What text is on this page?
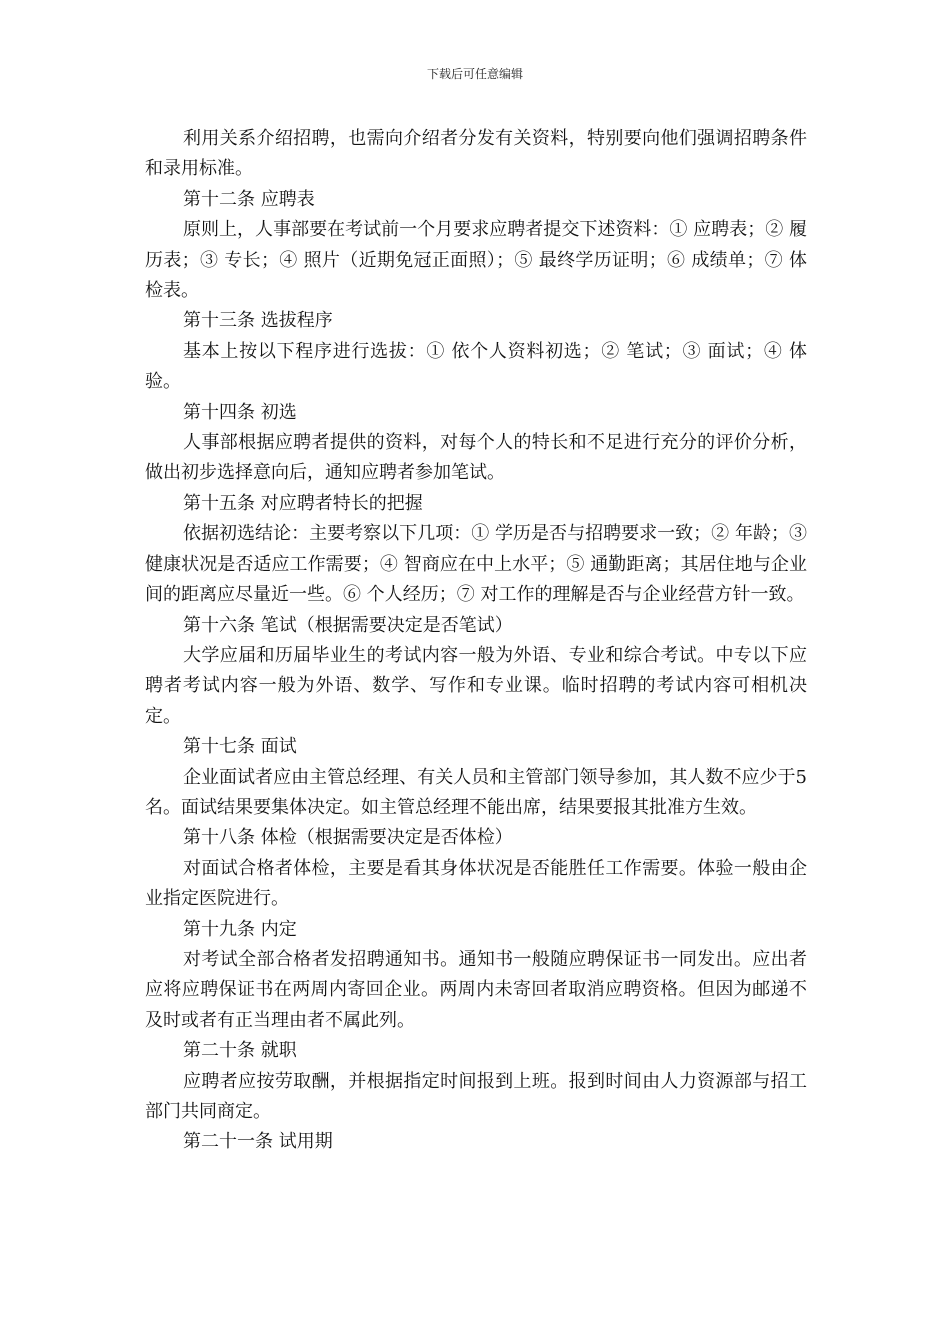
下载后可任意编辑

利用关系介绍招聘，也需向介绍者分发有关资料，特别要向他们强调招聘条件和录用标准。

第十二条 应聘表

原则上，人事部要在考试前一个月要求应聘者提交下述资料：① 应聘表；② 履历表；③ 专长；④ 照片（近期免冠正面照）；⑤ 最终学历证明；⑥ 成绩单；⑦ 体检表。

第十三条 选拔程序

基本上按以下程序进行选拔：① 依个人资料初选；② 笔试；③ 面试；④ 体验。

第十四条 初选

人事部根据应聘者提供的资料，对每个人的特长和不足进行充分的评价分析，做出初步选择意向后，通知应聘者参加笔试。

第十五条 对应聘者特长的把握

依据初选结论：主要考察以下几项：① 学历是否与招聘要求一致；② 年龄；③ 健康状况是否适应工作需要；④ 智商应在中上水平；⑤ 通勤距离；其居住地与企业间的距离应尽量近一些。⑥ 个人经历；⑦ 对工作的理解是否与企业经营方针一致。

第十六条 笔试（根据需要决定是否笔试）

大学应届和历届毕业生的考试内容一般为外语、专业和综合考试。中专以下应聘者考试内容一般为外语、数学、写作和专业课。临时招聘的考试内容可相机决定。

第十七条 面试

企业面试者应由主管总经理、有关人员和主管部门领导参加，其人数不应少于5名。面试结果要集体决定。如主管总经理不能出席，结果要报其批准方生效。

第十八条 体检（根据需要决定是否体检）

对面试合格者体检，主要是看其身体状况是否能胜任工作需要。体验一般由企业指定医院进行。

第十九条 内定

对考试全部合格者发招聘通知书。通知书一般随应聘保证书一同发出。应出者应将应聘保证书在两周内寄回企业。两周内未寄回者取消应聘资格。但因为邮递不及时或者有正当理由者不属此列。

第二十条 就职

应聘者应按劳取酬，并根据指定时间报到上班。报到时间由人力资源部与招工部门共同商定。

第二十一条 试用期
